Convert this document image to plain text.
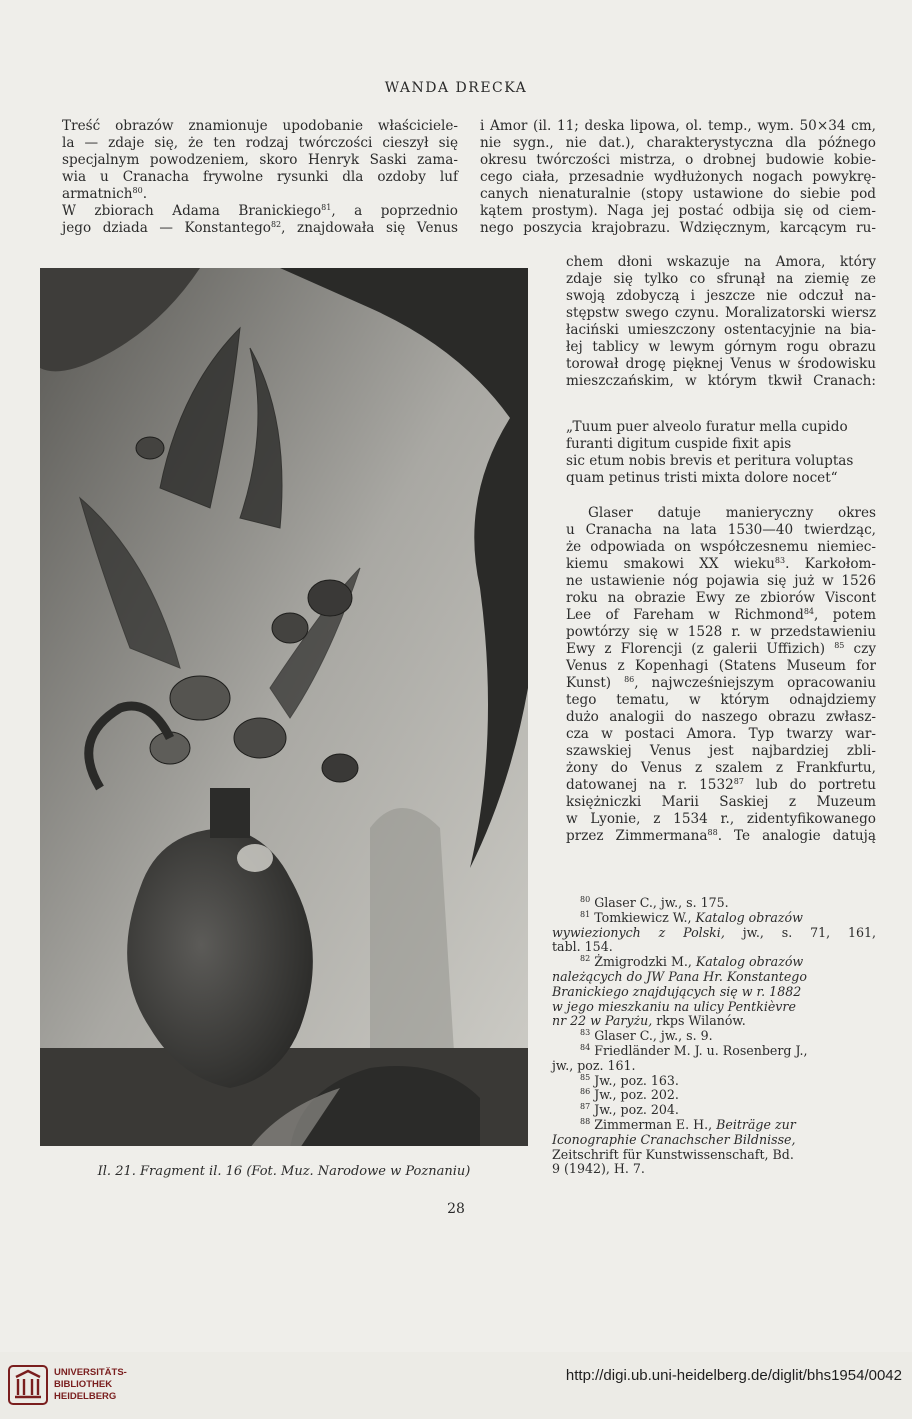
WANDA DRECKA

Treść obrazów znamionuje upodobanie właściciele-
la — zdaje się, że ten rodzaj twórczości cieszył się
specjalnym powodzeniem, skoro Henryk Saski zama-
wia u Cranacha frywolne rysunki dla ozdoby luf
armatnich$^{80}$.

W zbiorach Adama Branickiego$^{81}$, a poprzednio
jego dziada — Konstantego$^{82}$, znajdowała się Venus

i Amor (il. 11; deska lipowa, ol. temp., wym. 50×34 cm,
nie sygn., nie dat.), charakterystyczna dla późnego
okresu twórczości mistrza, o drobnej budowie kobie-
cego ciała, przesadnie wydłużonych nogach powykrę-
canych nienaturalnie (stopy ustawione do siebie pod
kątem prostym). Naga jej postać odbija się od ciem-
nego poszycia krajobrazu. Wdzięcznym, karcącym ru-
chem dłoni wskazuje na Amora, który
zdaje się tylko co sfrunął na ziemię ze
swoją zdobyczą i jeszcze nie odczuł na-
stępstw swego czynu. Moralizatorski wiersz
łaciński umieszczony ostentacyjnie na bia-
łej tablicy w lewym górnym rogu obrazu
torował drogę pięknej Venus w środowisku
mieszczańskim, w którym tkwił Cranach:
„Tuum puer alveolo furatur mella cupido
furanti digitum cuspide fixit apis
sic etum nobis brevis et peritura voluptas
quam petinus tristi mixta dolore nocet“
Glaser datuje manieryczny okres
u Cranacha na lata 1530—40 twierdząc,
że odpowiada on współczesnemu niemiec-
kiemu smakowi XX wieku$^{83}$. Karkołom-
ne ustawienie nóg pojawia się już w 1526
roku na obrazie Ewy ze zbiorów Viscont
Lee of Fareham w Richmond$^{84}$, potem
powtórzy się w 1528 r. w przedstawieniu
Ewy z Florencji (z galerii Uffizich) $^{85}$ czy
Venus z Kopenhagi (Statens Museum for
Kunst) $^{86}$, najwcześniejszym opracowaniu
tego tematu, w którym odnajdziemy
dużo analogii do naszego obrazu zwłasz-
cza w postaci Amora. Typ twarzy war-
szawskiej Venus jest najbardziej zbli-
żony do Venus z szalem z Frankfurtu,
datowanej na r. 1532$^{87}$ lub do portretu
księżniczki Marii Saskiej z Muzeum
w Lyonie, z 1534 r., zidentyfikowanego
przez Zimmermana$^{88}$. Te analogie datują
$^{80}$ Glaser C., jw., s. 175.
$^{81}$ Tomkiewicz W., Katalog obrazów
wywiezionych z Polski, jw., s. 71, 161,
tabl. 154.
$^{82}$ Żmigrodzki M., Katalog obrazów
należących do JW Pana Hr. Konstantego
Branickiego znajdujących się w r. 1882
w jego mieszkaniu na ulicy Pentkièvre
nr 22 w Paryżu, rkps Wilanów.
$^{83}$ Glaser C., jw., s. 9.
$^{84}$ Friedländer M. J. u. Rosenberg J.,
jw., poz. 161.
$^{85}$ Jw., poz. 163.
$^{86}$ Jw., poz. 202.
$^{87}$ Jw., poz. 204.
$^{88}$ Zimmerman E. H., Beiträge zur
Iconographie Cranachscher Bildnisse,
Zeitschrift für Kunstwissenschaft, Bd.
9 (1942), H. 7.
Il. 21. Fragment il. 16 (Fot. Muz. Narodowe w Poznaniu)
28
UNIVERSITÄTS-
BIBLIOTHEK
HEIDELBERG
http://digi.ub.uni-heidelberg.de/diglit/bhs1954/0042
